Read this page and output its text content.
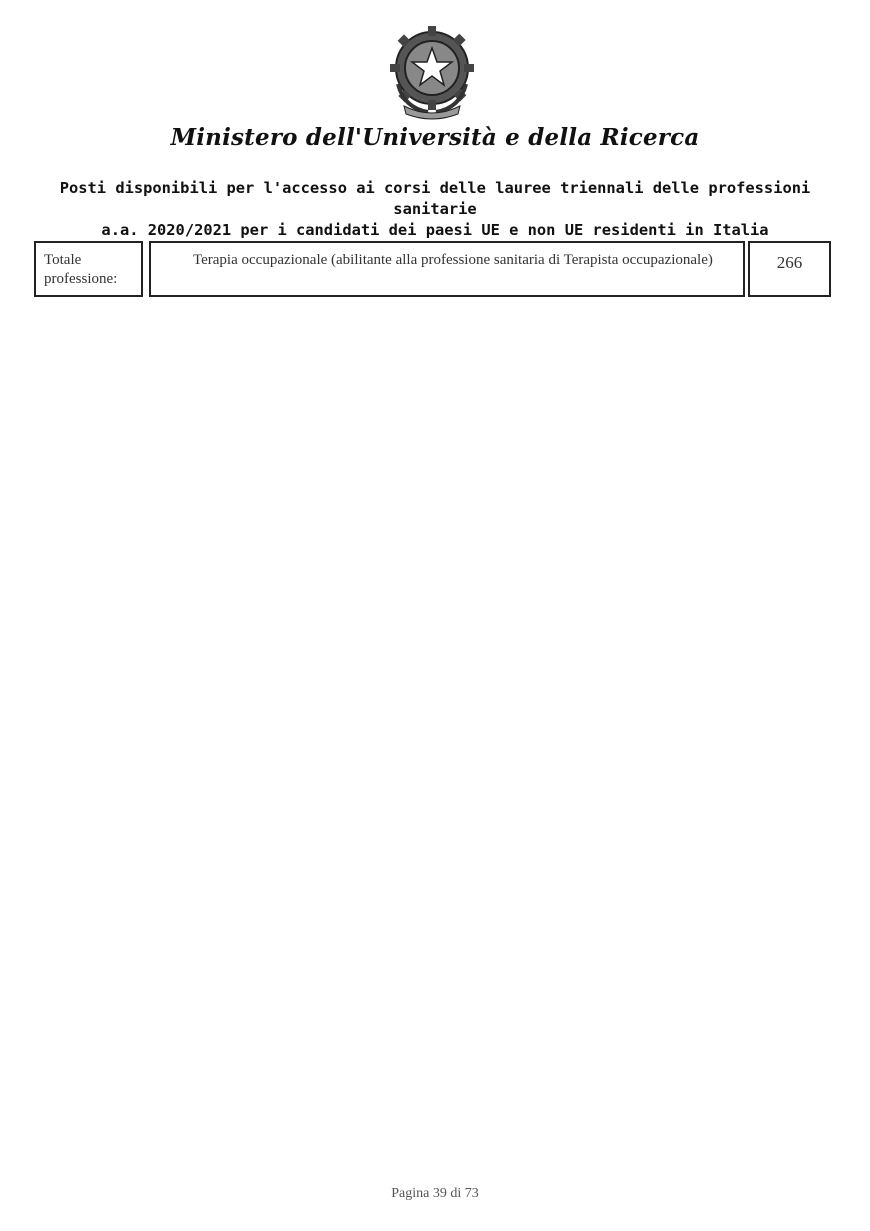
Ministero dell'Università e della Ricerca
Posti disponibili per l'accesso ai corsi delle lauree triennali delle professioni sanitarie
a.a. 2020/2021 per i candidati dei paesi UE e non UE residenti in Italia
Totale professione:
Terapia occupazionale (abilitante alla professione sanitaria di Terapista occupazionale)	266
Pagina 39 di 73
